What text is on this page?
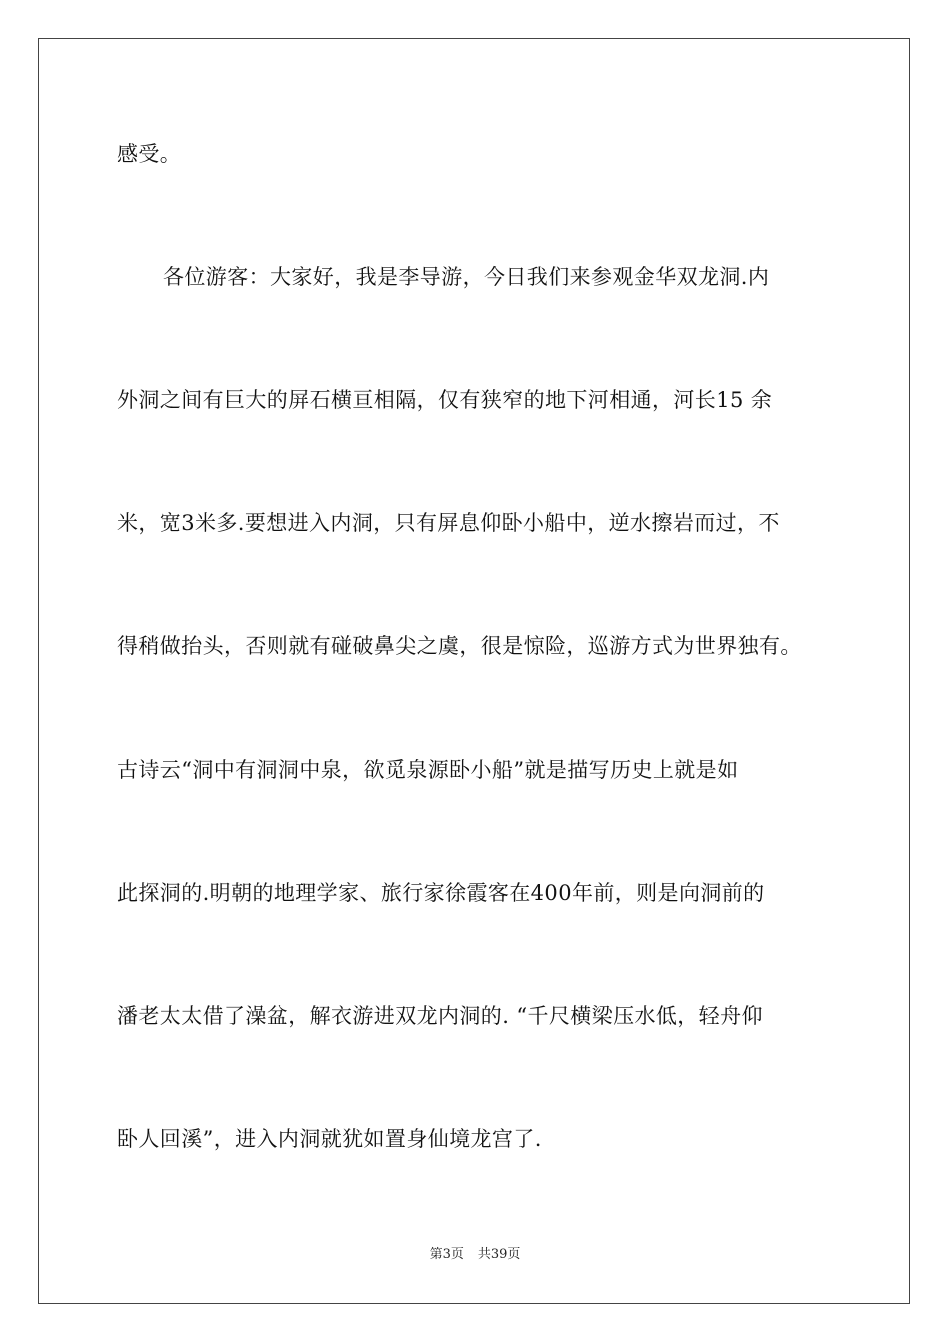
感受。
各位游客：大家好，我是李导游，今日我们来参观金华双龙洞.内
外洞之间有巨大的屏石横亘相隔，仅有狭窄的地下河相通，河长15 余
米，宽3米多.要想进入内洞，只有屏息仰卧小船中，逆水擦岩而过，不
得稍做抬头，否则就有碰破鼻尖之虞，很是惊险，巡游方式为世界独有。
古诗云“洞中有洞洞中泉，欲觅泉源卧小船”就是描写历史上就是如
此探洞的.明朝的地理学家、旅行家徐霞客在400年前，则是向洞前的
潘老太太借了澡盆，解衣游进双龙内洞的. “千尺横梁压水低，轻舟仰
卧人回溪”，进入内洞就犹如置身仙境龙宫了.
第3页 共39页
